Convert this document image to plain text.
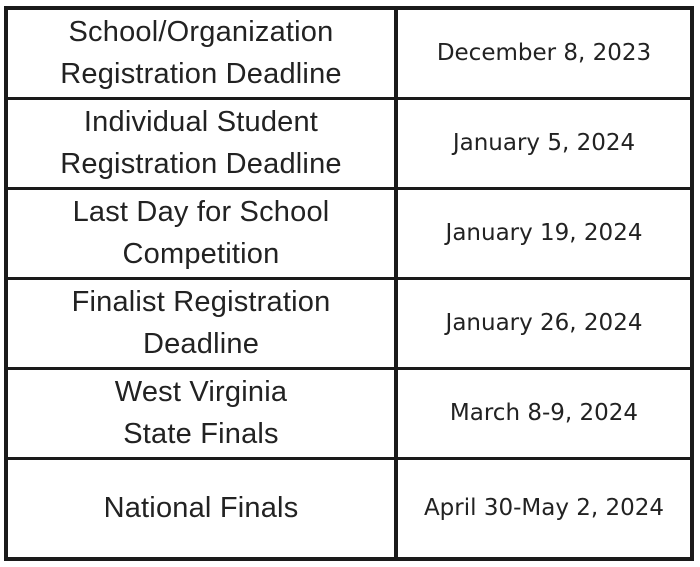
School/Organization
Registration Deadline
December 8, 2023
Individual Student
Registration Deadline
January 5, 2024
Last Day for School
Competition
January 19, 2024
Finalist Registration
Deadline
January 26, 2024
West Virginia
State Finals
March 8-9, 2024
National Finals	April 30-May 2, 2024
